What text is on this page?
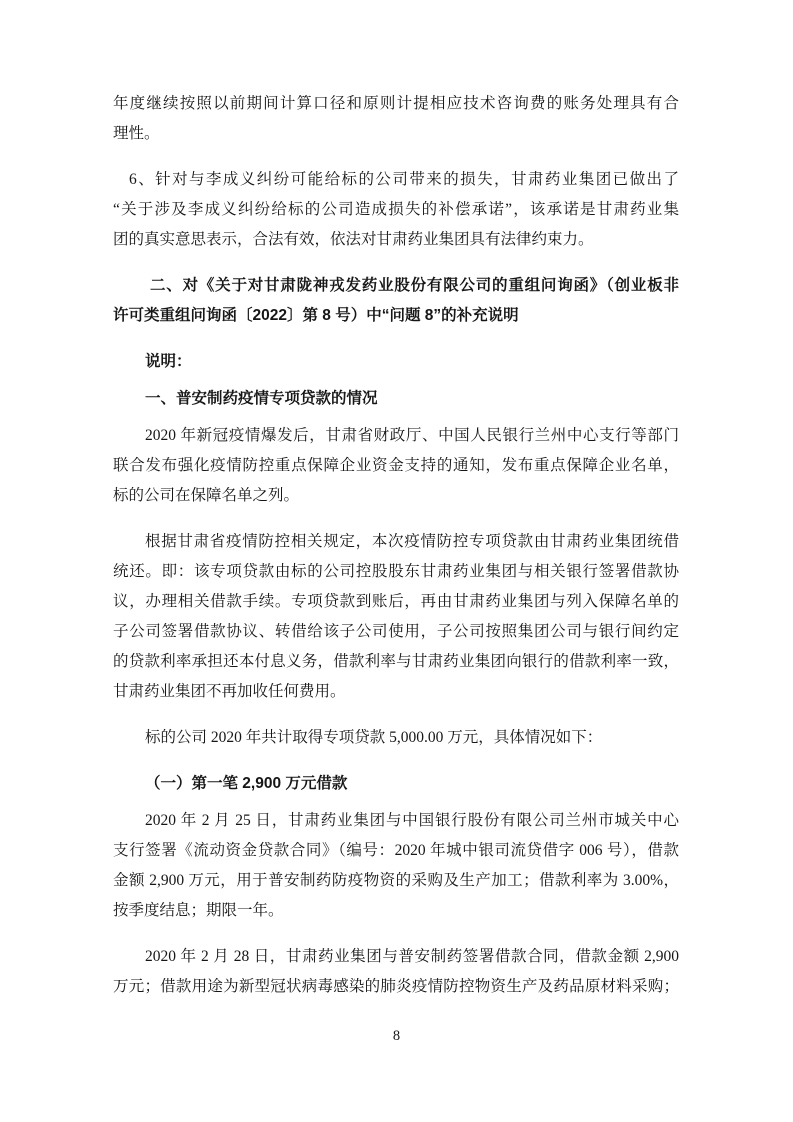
年度继续按照以前期间计算口径和原则计提相应技术咨询费的账务处理具有合
理性。
6、针对与李成义纠纷可能给标的公司带来的损失，甘肃药业集团已做出了
“关于涉及李成义纠纷给标的公司造成损失的补偿承诺”，该承诺是甘肃药业集
团的真实意思表示，合法有效，依法对甘肃药业集团具有法律约束力。
二、对《关于对甘肃陇神戎发药业股份有限公司的重组问询函》（创业板非
许可类重组问询函〔2022〕第 8 号）中“问题 8”的补充说明
说明：
一、普安制药疫情专项贷款的情况
2020 年新冠疫情爆发后，甘肃省财政厅、中国人民银行兰州中心支行等部门
联合发布强化疫情防控重点保障企业资金支持的通知，发布重点保障企业名单，
标的公司在保障名单之列。
根据甘肃省疫情防控相关规定，本次疫情防控专项贷款由甘肃药业集团统借
统还。即：该专项贷款由标的公司控股股东甘肃药业集团与相关银行签署借款协
议，办理相关借款手续。专项贷款到账后，再由甘肃药业集团与列入保障名单的
子公司签署借款协议、转借给该子公司使用，子公司按照集团公司与银行间约定
的贷款利率承担还本付息义务，借款利率与甘肃药业集团向银行的借款利率一致，
甘肃药业集团不再加收任何费用。
标的公司 2020 年共计取得专项贷款 5,000.00 万元，具体情况如下：
（一）第一笔 2,900 万元借款
2020 年 2 月 25 日，甘肃药业集团与中国银行股份有限公司兰州市城关中心
支行签署《流动资金贷款合同》（编号：2020 年城中银司流贷借字 006 号），借款
金额 2,900 万元，用于普安制药防疫物资的采购及生产加工；借款利率为 3.00%，
按季度结息；期限一年。
2020 年 2 月 28 日，甘肃药业集团与普安制药签署借款合同，借款金额 2,900
万元；借款用途为新型冠状病毒感染的肺炎疫情防控物资生产及药品原材料采购；
8
